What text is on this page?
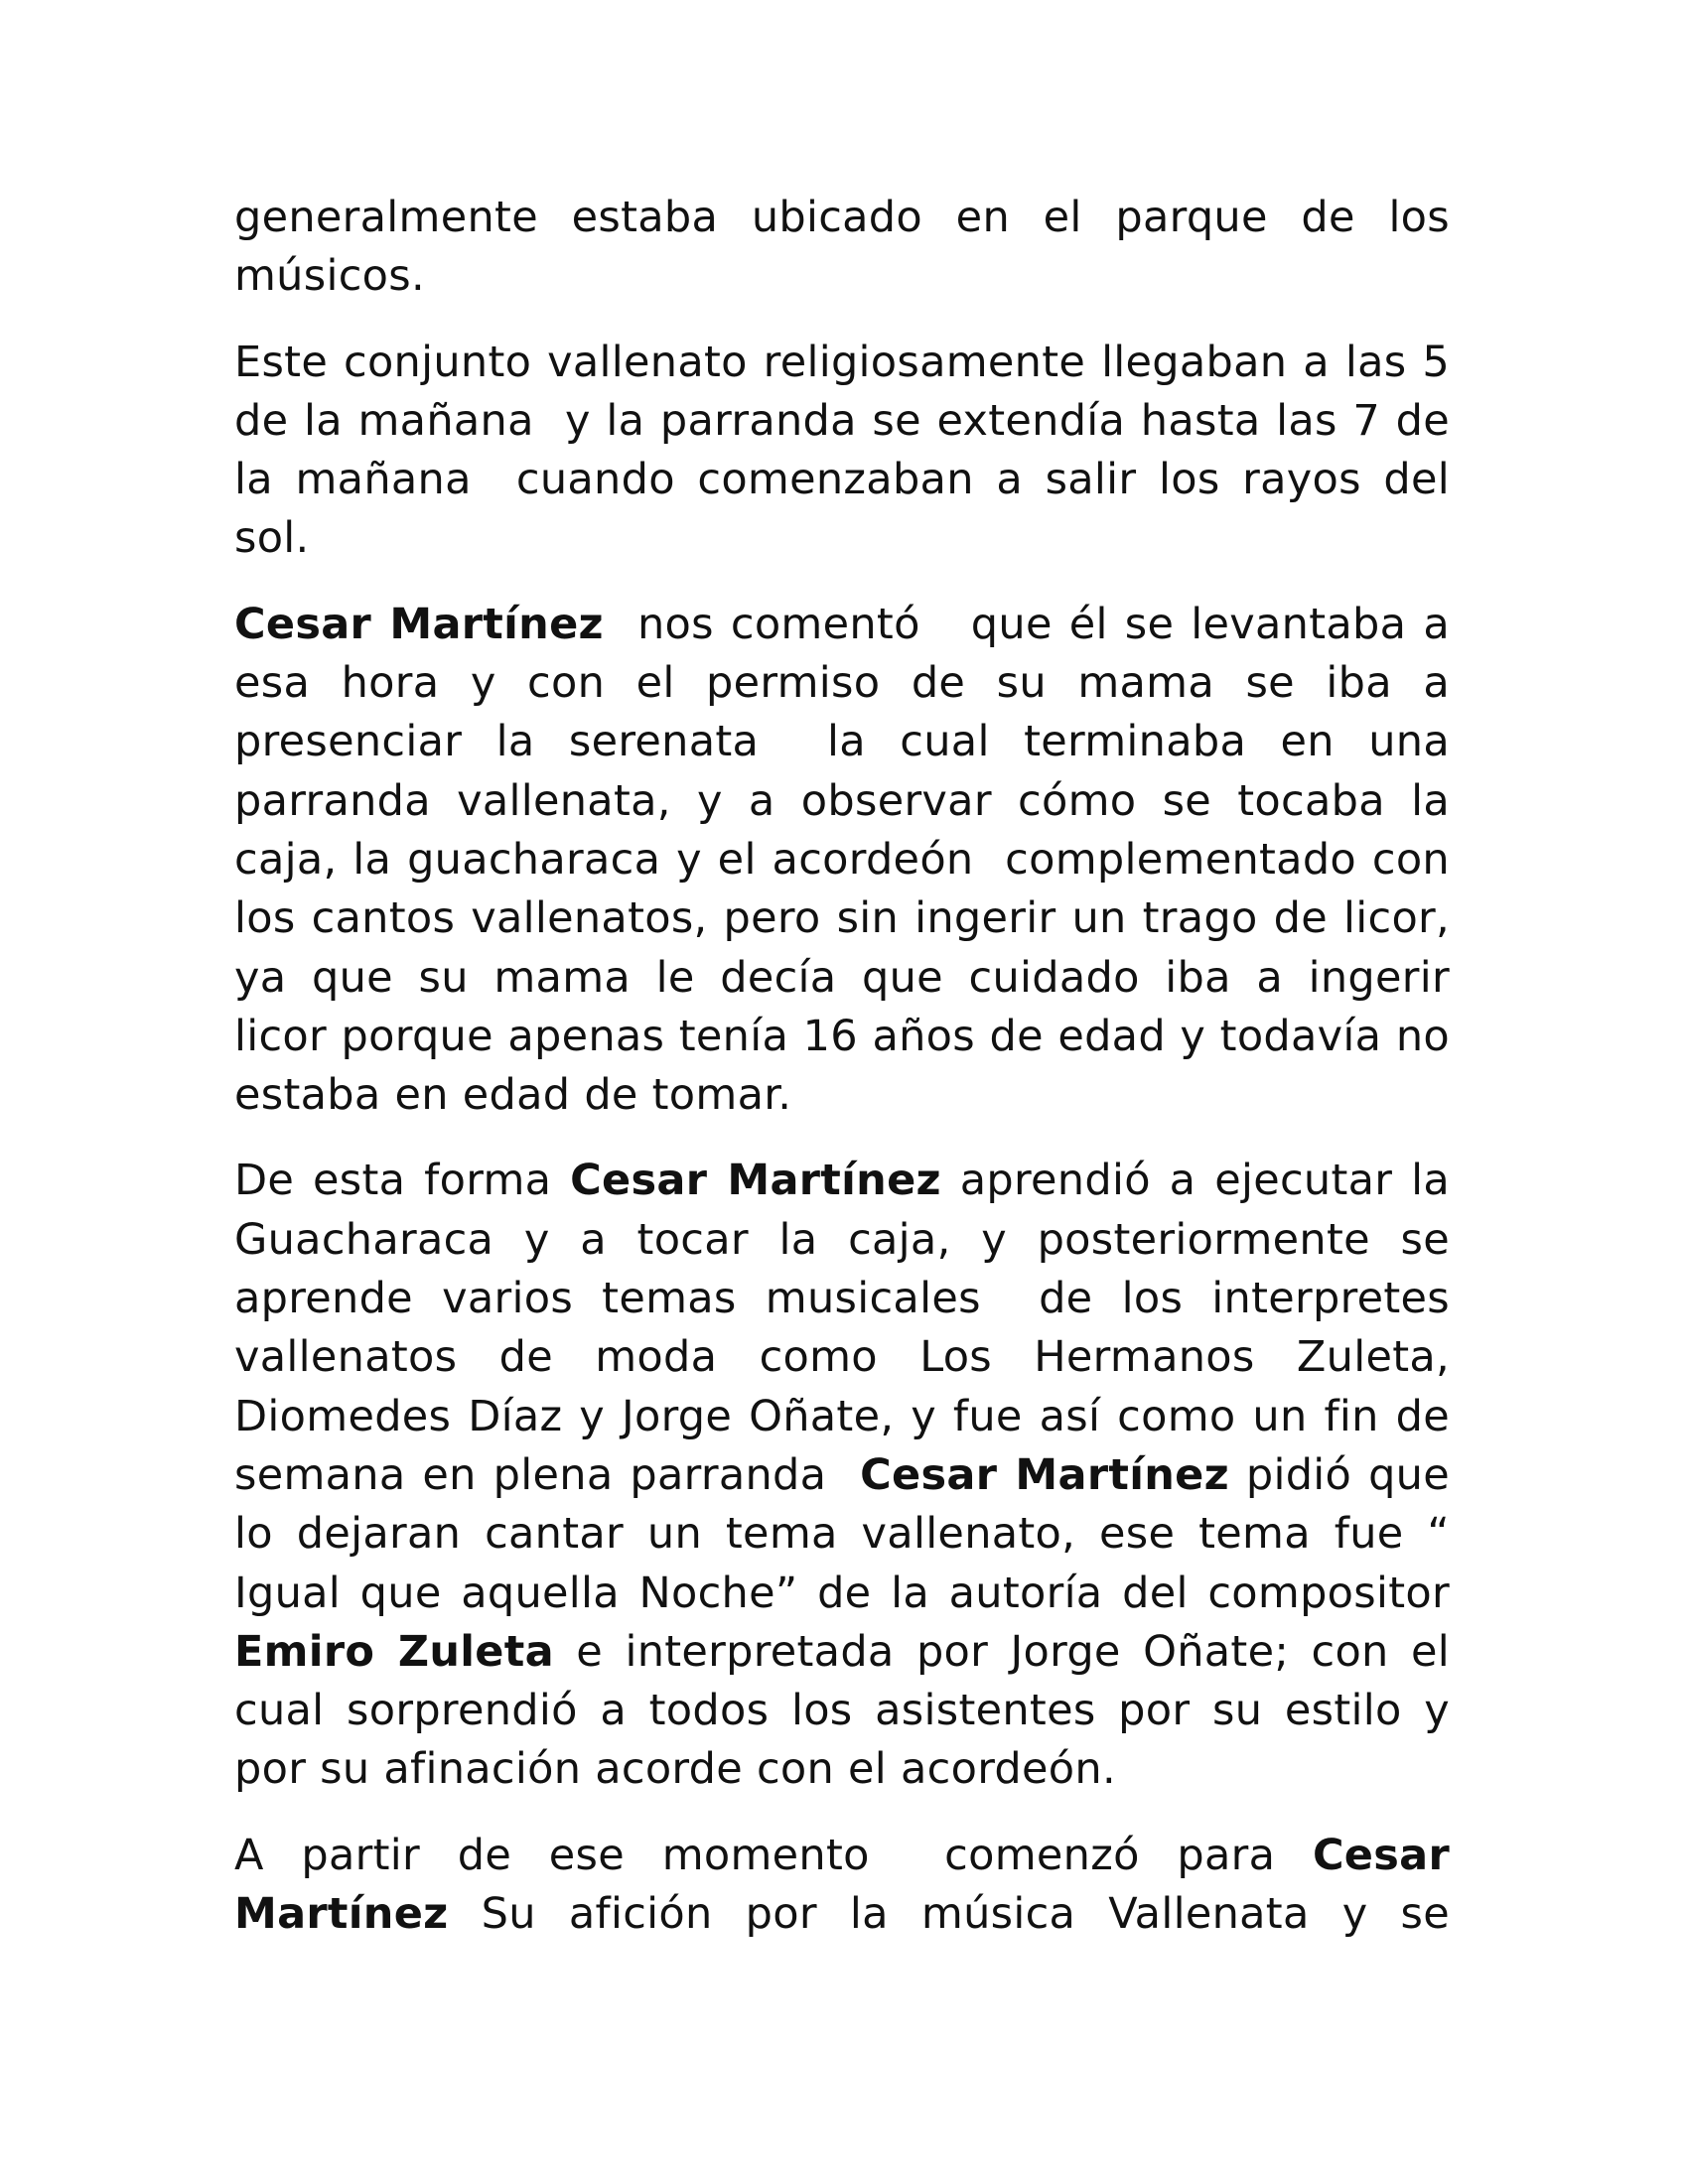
generalmente estaba ubicado en el parque de los músicos.

Este conjunto vallenato religiosamente llegaban a las 5 de la mañana  y la parranda se extendía hasta las 7 de la mañana  cuando comenzaban a salir los rayos del sol.

Cesar Martínez  nos comentó   que él se levantaba a esa hora y con el permiso de su mama se iba a presenciar la serenata  la cual terminaba en una parranda vallenata, y a observar cómo se tocaba la caja, la guacharaca y el acordeón  complementado con los cantos vallenatos, pero sin ingerir un trago de licor, ya que su mama le decía que cuidado iba a ingerir  licor porque apenas tenía 16 años de edad y todavía no estaba en edad de tomar.

De esta forma Cesar Martínez aprendió a ejecutar la Guacharaca y a tocar la caja, y posteriormente se aprende varios temas musicales  de los interpretes vallenatos de moda como Los Hermanos Zuleta, Diomedes Díaz y Jorge Oñate, y fue así como un fin de semana en plena parranda  Cesar Martínez pidió que lo dejaran cantar un tema vallenato, ese tema fue “ Igual que aquella Noche” de la autoría del compositor Emiro Zuleta e interpretada por Jorge Oñate; con el cual sorprendió a todos los asistentes por su estilo y por su afinación acorde con el acordeón.

A partir de ese momento  comenzó para Cesar Martínez Su afición por la música Vallenata y se
